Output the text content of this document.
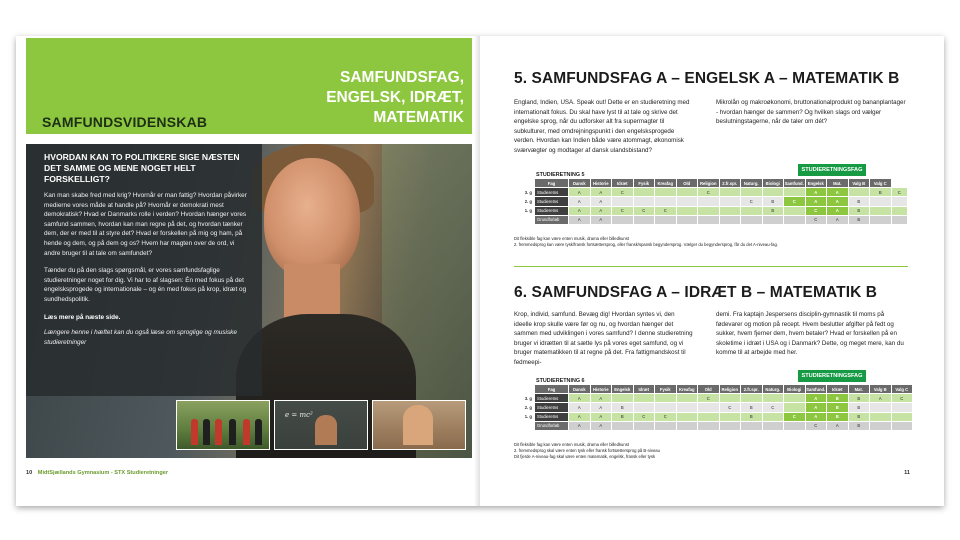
SAMFUNDSVIDENSKAB
SAMFUNDSFAG,
ENGELSK, IDRÆT,
MATEMATIK
HVORDAN KAN TO POLITIKERE SIGE NÆSTEN DET SAMME OG MENE NOGET HELT FORSKELLIGT?

Kan man skabe fred med krig? Hvornår er man fattig? Hvordan påvirker medierne vores måde at handle på? Hvornår er demokrati mest demokratisk? Hvad er Danmarks rolle i verden? Hvordan hænger vores samfund sammen, hvordan kan man regne på det, og hvordan tænker dem, der er med til at styre det? Hvad er forskellen på mig og ham, på hende og dem, og på dem og os? Hvem har magten over de ord, vi andre bruger til at tale om samfundet?

Tænder du på den slags spørgsmål, er vores samfundsfaglige studieretninger noget for dig. Vi har to af slagsen: Én med fokus på det engelsksprogede og internationale – og én med fokus på krop, idræt og sundhedspolitik.

Læs mere på næste side.

Længere henne i hæftet kan du også læse om sproglige og musiske studieretninger

e = mc²
10 MidtSjællands Gymnasium - STX Studieretninger
5. SAMFUNDSFAG A – ENGELSK A – MATEMATIK B

England, Indien, USA. Speak out! Dette er en studieretning med internationalt fokus. Du skal have lyst til at tale og skrive det engelske sprog, når du udforsker alt fra supermagter til subkulturer, med omdrejningspunkt i den engelsksprogede verden. Hvordan kan Indien både være atommagt, økonomisk sværvægter og modtager af dansk ulandsbistand?

Mikrolån og makroøkonomi, bruttonationalprodukt og bananplantager - hvordan hænger de sammen? Og hvilken slags ord vælger beslutningstagerne, når de taler om dét?

STUDIERETNING 5
STUDIERETNINGSFAG
	Fag	Dansk	Historie	Idræt	Fysik	Kreafag	Old	Religion	2.fr.spr.	Naturg.	Biologi	Samfund.	Engelsk	Mat.	Valg B	Valg C	
3. g	Studieretns	A	A	C				C					A	A		B	C
2. g	Studieretns	A	A							C	B	C	A	A	B		
1. g	Studieretns	A	A	C	C	C					B		C	A	B		
	Grundforløb	A	A										C	A	B		
Dit fleksible fag kan være enten musik, drama eller billedkunst
2. fremmedsprog kan være tysk/fransk fortsættersprog, eller fransk/spansk begyndersprog. Vælger du begyndersprog, får du det A-niveau-fag.
6. SAMFUNDSFAG A – IDRÆT B – MATEMATIK B

Krop, individ, samfund. Bevæg dig! Hvordan syntes vi, den ideelle krop skulle være før og nu, og hvordan hænger det sammen med udviklingen i vores samfund? I denne studieretning bruger vi idrætten til at sætte lys på vores eget samfund, og vi bruger matematikken til at regne på det. Fra fattigmandskost til fedmeepi-

demi. Fra kaptajn Jespersens disciplin-gymnastik til moms på fødevarer og motion på recept. Hvem beslutter afgifter på fedt og sukker, hvem fjerner dem, hvem betaler? Hvad er forskellen på en skoletime i idræt i USA og i Danmark? Dette, og meget mere, kan du komme til at arbejde med her.

STUDIERETNING 6
STUDIERETNINGSFAG
	Fag	Dansk	Historie	Engelsk	Idræt	Fysik	Kreafag	Old	Religion	2.fr.spr.	Naturg.	Biologi	Samfund.	Idræt	Mat.	Valg B	Valg C
3. g	Studieretns	A	A					C					A	B	B	A	C
2. g	Studieretns	A	A	B					C	B	C		A	B	B		
1. g	Studieretns	A	A	B	C	C				B		C	A	B	B		
	Grundforløb	A	A										C	A	B		
Dit fleksible fag kan være enten musik, drama eller billedkunst
2. fremmedsprog skal være enten tysk eller fransk fortsættersprog på B-niveau
Dit fjerde A-niveau-fag skal være enten matematik, engelsk, fransk eller tysk
11
